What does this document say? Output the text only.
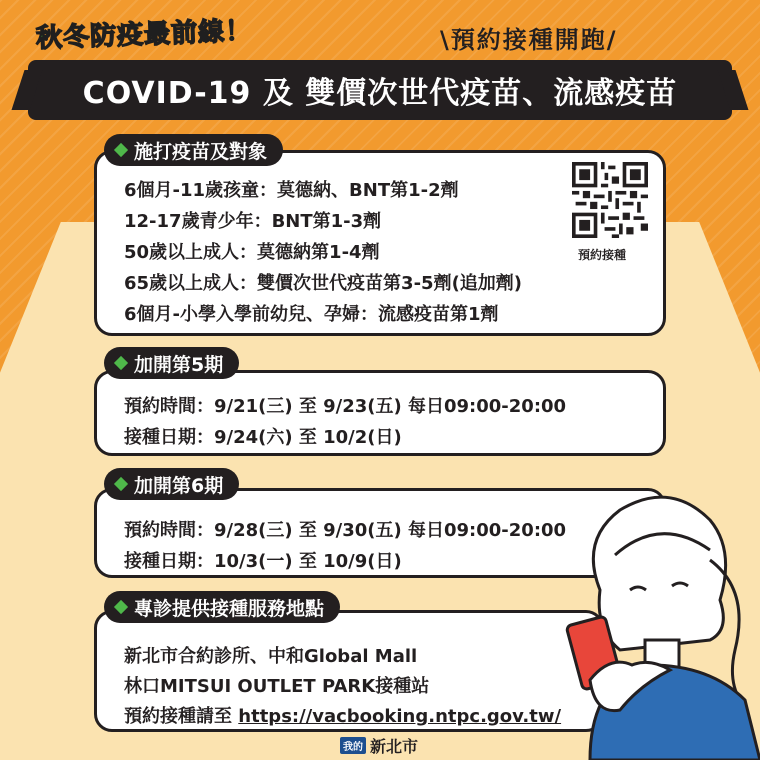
秋冬防疫最前線！	\預約接種開跑/
COVID-19 及 雙價次世代疫苗、流感疫苗
施打疫苗及對象
6個月-11歲孩童：莫德納、BNT第1-2劑
12-17歲青少年：BNT第1-3劑
50歲以上成人：莫德納第1-4劑
65歲以上成人：雙價次世代疫苗第3-5劑(追加劑)
6個月-小學入學前幼兒、孕婦：流感疫苗第1劑
預約接種
加開第5期
預約時間：9/21(三) 至 9/23(五) 每日09:00-20:00
接種日期：9/24(六) 至 10/2(日)
加開第6期
預約時間：9/28(三) 至 9/30(五) 每日09:00-20:00
接種日期：10/3(一) 至 10/9(日)
專診提供接種服務地點
新北市合約診所、中和Global Mall
林口MITSUI OUTLET PARK接種站
預約接種請至 https://vacbooking.ntpc.gov.tw/
我的 新北市
